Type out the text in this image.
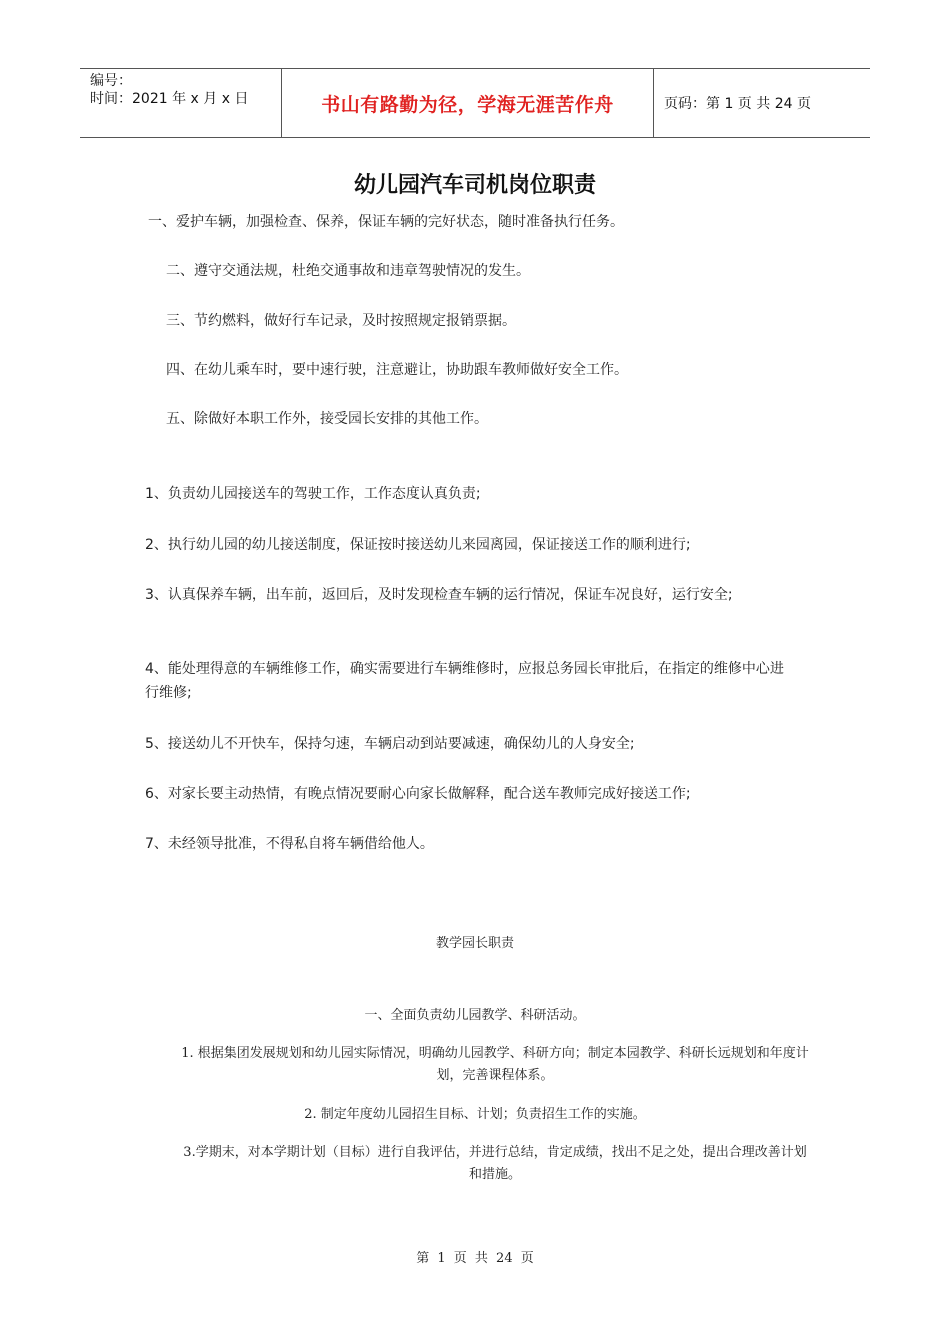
编号：
时间：2021 年 x 月 x 日	书山有路勤为径，学海无涯苦作舟	页码：第 1 页 共 24 页
幼儿园汽车司机岗位职责
一、爱护车辆，加强检查、保养，保证车辆的完好状态，随时准备执行任务。
二、遵守交通法规，杜绝交通事故和违章驾驶情况的发生。
三、节约燃料，做好行车记录，及时按照规定报销票据。
四、在幼儿乘车时，要中速行驶，注意避让，协助跟车教师做好安全工作。
五、除做好本职工作外，接受园长安排的其他工作。
1、负责幼儿园接送车的驾驶工作，工作态度认真负责;
2、执行幼儿园的幼儿接送制度，保证按时接送幼儿来园离园，保证接送工作的顺利进行;
3、认真保养车辆，出车前，返回后，及时发现检查车辆的运行情况，保证车况良好，运行安全;
4、能处理得意的车辆维修工作，确实需要进行车辆维修时，应报总务园长审批后，在指定的维修中心进行维修;
5、接送幼儿不开快车，保持匀速，车辆启动到站要减速，确保幼儿的人身安全;
6、对家长要主动热情，有晚点情况要耐心向家长做解释，配合送车教师完成好接送工作;
7、未经领导批准，不得私自将车辆借给他人。
教学园长职责
一、全面负责幼儿园教学、科研活动。
1. 根据集团发展规划和幼儿园实际情况，明确幼儿园教学、科研方向；制定本园教学、科研长远规划和年度计划，完善课程体系。
2. 制定年度幼儿园招生目标、计划；负责招生工作的实施。
3.学期末，对本学期计划（目标）进行自我评估，并进行总结，肯定成绩，找出不足之处，提出合理改善计划和措施。
第 1 页 共 24 页
